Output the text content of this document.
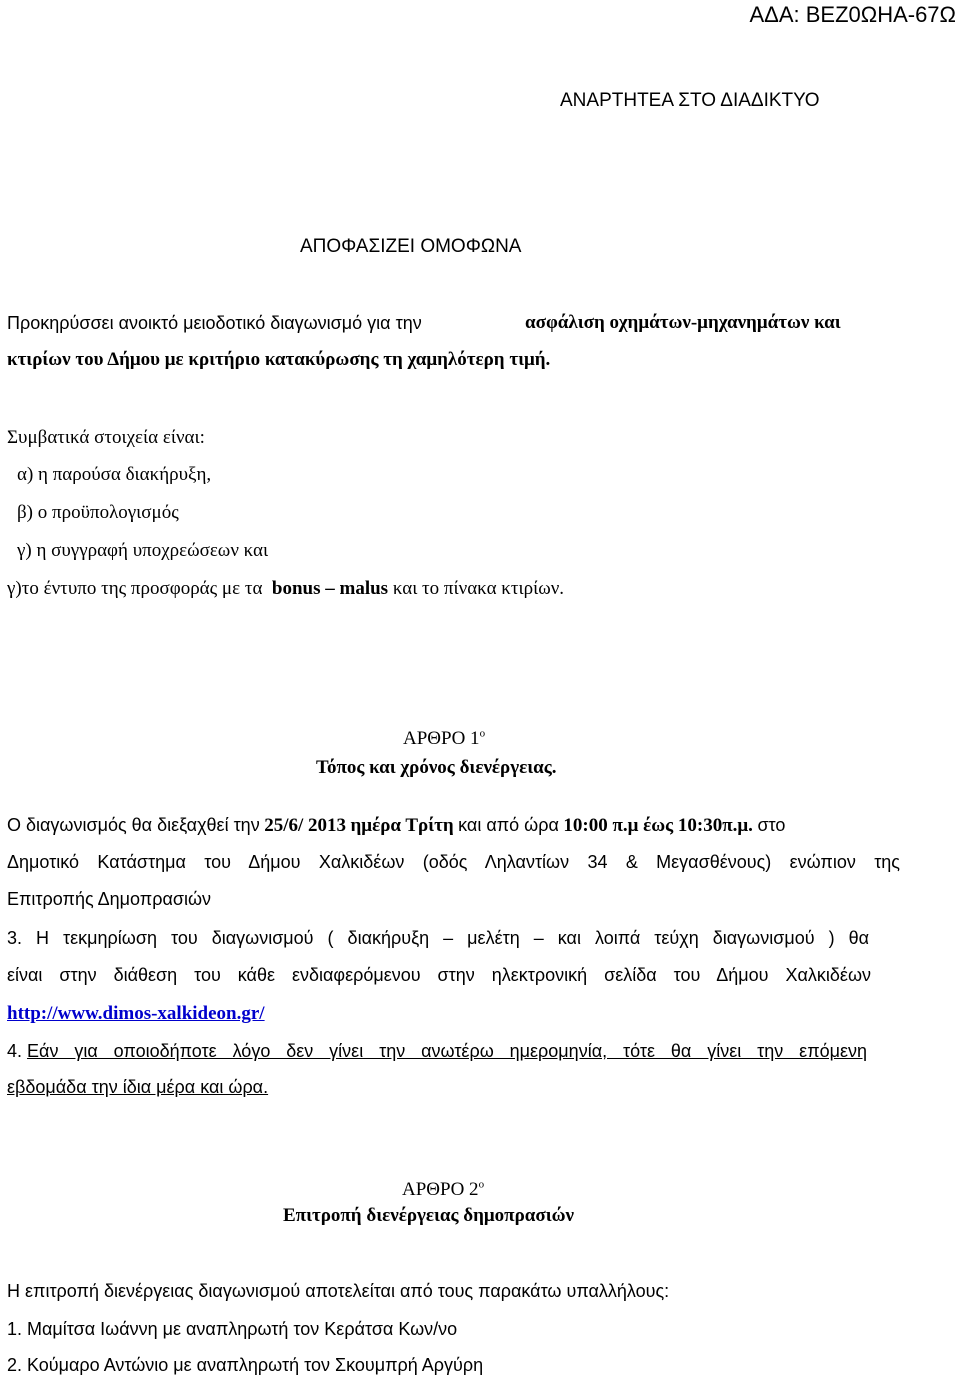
ΑΔΑ: ΒΕΖ0ΩΗΑ-67Ω
ΑΝΑΡΤΗΤΕΑ ΣΤΟ ΔΙΑΔΙΚΤΥΟ
ΑΠΟΦΑΣΙΖΕΙ ΟΜΟΦΩΝΑ
Προκηρύσσει ανοικτό μειοδοτικό διαγωνισμό για την	ασφάλιση οχημάτων-μηχανημάτων και
κτιρίων του Δήμου με κριτήριο κατακύρωσης τη χαμηλότερη τιμή.
Συμβατικά στοιχεία είναι:
α) η παρούσα διακήρυξη,
β) ο προϋπολογισμός
γ) η συγγραφή υποχρεώσεων και
γ)το έντυπο της προσφοράς με τα bonus – malus και το πίνακα κτιρίων.
ΑΡΘΡΟ $1^o$
Τόπος και χρόνος διενέργειας.
Ο διαγωνισμός θα διεξαχθεί την 25/6/ 2013 ημέρα Τρίτη και από ώρα 10:00 π.μ έως 10:30π.μ. στο
Δημοτικό Κατάστημα του Δήμου Χαλκιδέων (οδός Ληλαντίων 34 & Μεγασθένους) ενώπιον της
Επιτροπής Δημοπρασιών
3. Η τεκμηρίωση του διαγωνισμού ( διακήρυξη – μελέτη – και λοιπά τεύχη διαγωνισμού ) θα
είναι στην διάθεση του κάθε ενδιαφερόμενου στην ηλεκτρονική σελίδα του Δήμου Χαλκιδέων
http://www.dimos-xalkideon.gr/
4. Εάν για οποιοδήποτε λόγο δεν γίνει την ανωτέρω ημερομηνία, τότε θα γίνει την επόμενη
εβδομάδα την ίδια μέρα και ώρα.
ΑΡΘΡΟ $2^o$
Επιτροπή διενέργειας δημοπρασιών
Η επιτροπή διενέργειας διαγωνισμού αποτελείται από τους παρακάτω υπαλλήλους:
1. Μαμίτσα Ιωάννη με αναπληρωτή τον Κεράτσα Κων/νο
2. Κούμαρο Αντώνιο με αναπληρωτή τον Σκουμπρή Αργύρη
